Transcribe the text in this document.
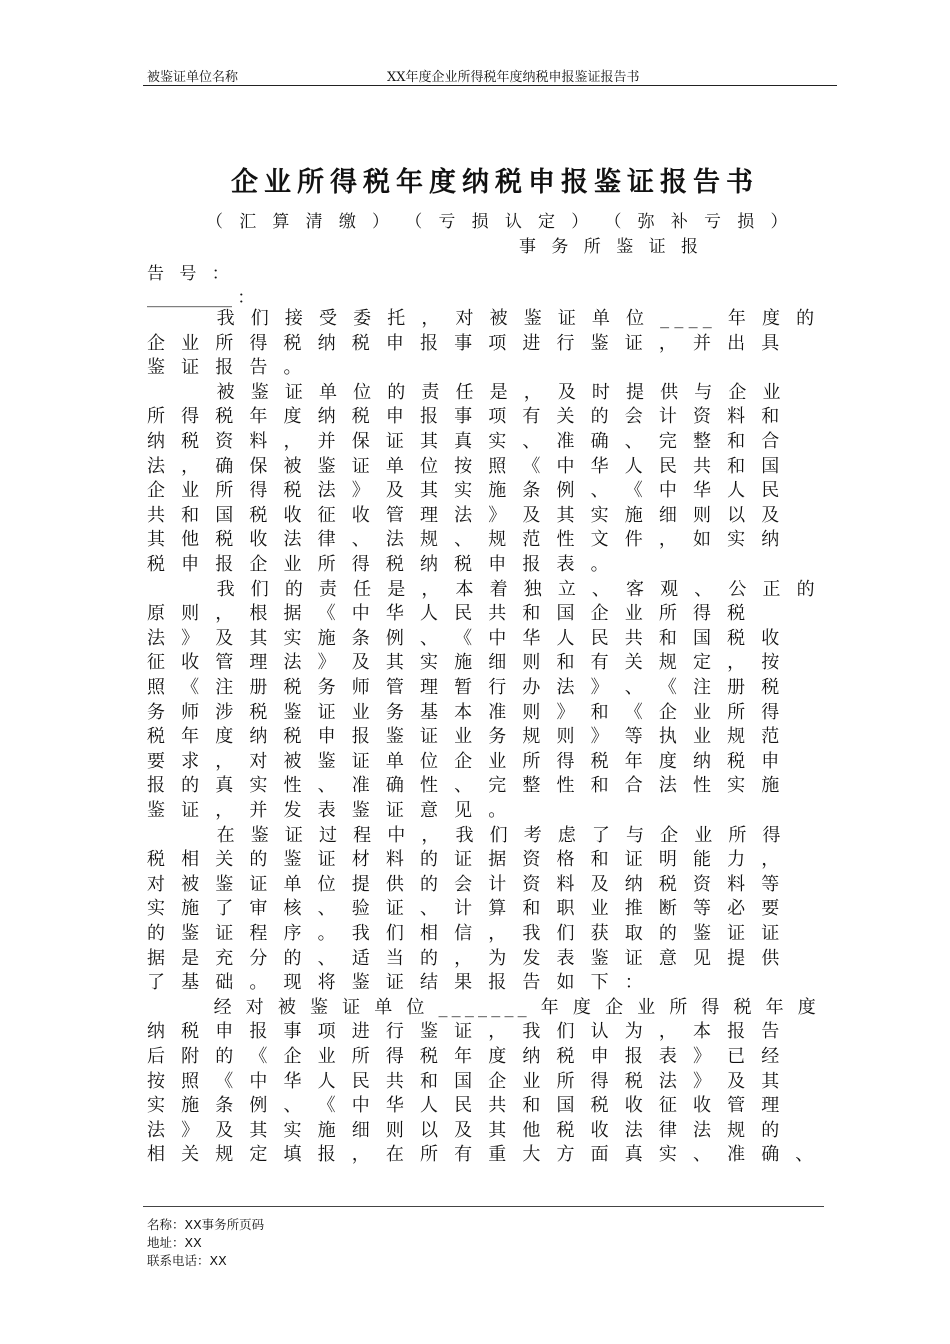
被鉴证单位名称	XX年度企业所得税年度纳税申报鉴证报告书
企业所得税年度纳税申报鉴证报告书
（ 汇 算 清 缴 ） （ 亏 损 认 定 ） （ 弥 补 亏 损 ）
事 务 所 鉴 证 报
告 号 ：
__________ ：
　　　我 们 接 受 委 托 ， 对 被 鉴 证 单 位 ____ 年 度 的
企 业 所 得 税 纳 税 申 报 事 项 进 行 鉴 证 ， 并 出 具
鉴 证 报 告 。
　　　被 鉴 证 单 位 的 责 任 是 ， 及 时 提 供 与 企 业
所 得 税 年 度 纳 税 申 报 事 项 有 关 的 会 计 资 料 和
纳 税 资 料 ， 并 保 证 其 真 实 、 准 确 、 完 整 和 合
法 ， 确 保 被 鉴 证 单 位 按 照 《 中 华 人 民 共 和 国
企 业 所 得 税 法 》 及 其 实 施 条 例 、 《 中 华 人 民
共 和 国 税 收 征 收 管 理 法 》 及 其 实 施 细 则 以 及
其 他 税 收 法 律 、 法 规 、 规 范 性 文 件 ， 如 实 纳
税 申 报 企 业 所 得 税 纳 税 申 报 表 。
　　　我 们 的 责 任 是 ， 本 着 独 立 、 客 观 、 公 正 的
原 则 ， 根 据 《 中 华 人 民 共 和 国 企 业 所 得 税
法 》 及 其 实 施 条 例 、 《 中 华 人 民 共 和 国 税 收
征 收 管 理 法 》 及 其 实 施 细 则 和 有 关 规 定 ， 按
照 《 注 册 税 务 师 管 理 暂 行 办 法 》 、 《 注 册 税
务 师 涉 税 鉴 证 业 务 基 本 准 则 》 和 《 企 业 所 得
税 年 度 纳 税 申 报 鉴 证 业 务 规 则 》 等 执 业 规 范
要 求 ， 对 被 鉴 证 单 位 企 业 所 得 税 年 度 纳 税 申
报 的 真 实 性 、 准 确 性 、 完 整 性 和 合 法 性 实 施
鉴 证 ， 并 发 表 鉴 证 意 见 。
　　　在 鉴 证 过 程 中 ， 我 们 考 虑 了 与 企 业 所 得
税 相 关 的 鉴 证 材 料 的 证 据 资 格 和 证 明 能 力 ，
对 被 鉴 证 单 位 提 供 的 会 计 资 料 及 纳 税 资 料 等
实 施 了 审 核 、 验 证 、 计 算 和 职 业 推 断 等 必 要
的 鉴 证 程 序 。 我 们 相 信 ， 我 们 获 取 的 鉴 证 证
据 是 充 分 的 、 适 当 的 ， 为 发 表 鉴 证 意 见 提 供
了 基 础 。 现 将 鉴 证 结 果 报 告 如 下 ：
　　　经 对 被 鉴 证 单 位 _______ 年 度 企 业 所 得 税 年 度
纳 税 申 报 事 项 进 行 鉴 证 ， 我 们 认 为 ， 本 报 告
后 附 的 《 企 业 所 得 税 年 度 纳 税 申 报 表 》 已 经
按 照 《 中 华 人 民 共 和 国 企 业 所 得 税 法 》 及 其
实 施 条 例 、 《 中 华 人 民 共 和 国 税 收 征 收 管 理
法 》 及 其 实 施 细 则 以 及 其 他 税 收 法 律 法 规 的
相 关 规 定 填 报 ， 在 所 有 重 大 方 面 真 实 、 准 确 、
名称：XX事务所页码
地址：XX
联系电话：XX
